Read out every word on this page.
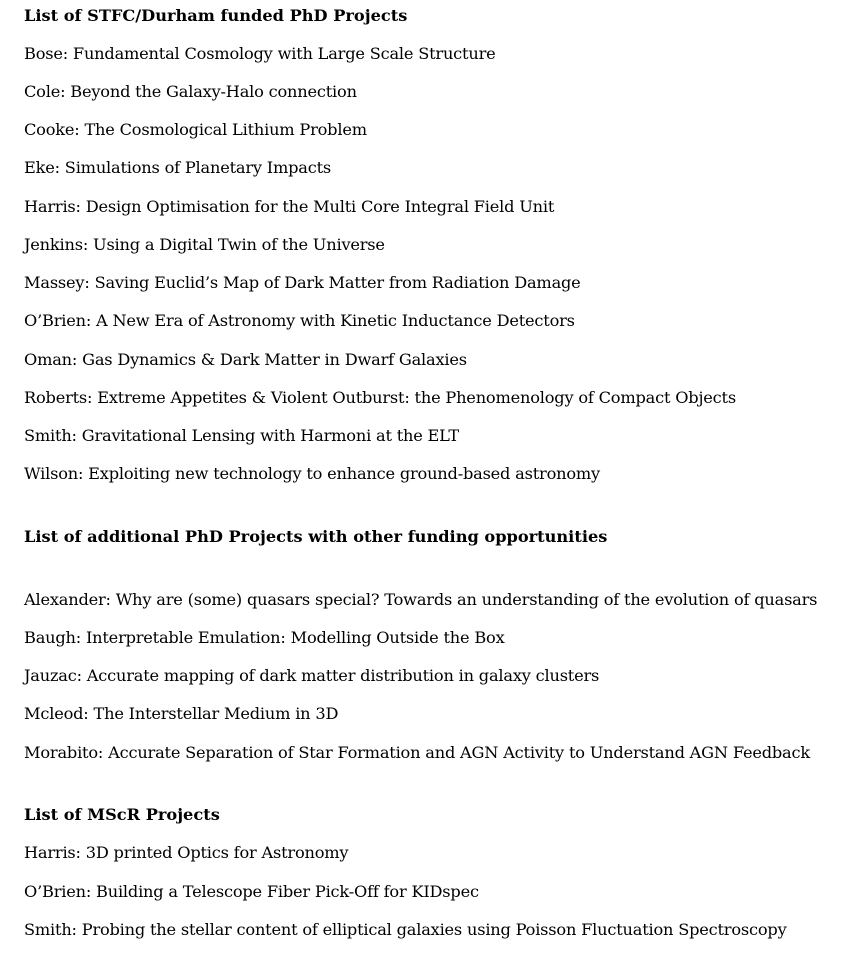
List of STFC/Durham funded PhD Projects
Bose: Fundamental Cosmology with Large Scale Structure
Cole: Beyond the Galaxy-Halo connection
Cooke: The Cosmological Lithium Problem
Eke: Simulations of Planetary Impacts
Harris: Design Optimisation for the Multi Core Integral Field Unit
Jenkins: Using a Digital Twin of the Universe
Massey: Saving Euclid’s Map of Dark Matter from Radiation Damage
O’Brien: A New Era of Astronomy with Kinetic Inductance Detectors
Oman: Gas Dynamics & Dark Matter in Dwarf Galaxies
Roberts: Extreme Appetites & Violent Outburst: the Phenomenology of Compact Objects
Smith: Gravitational Lensing with Harmoni at the ELT
Wilson: Exploiting new technology to enhance ground-based astronomy
List of additional PhD Projects with other funding opportunities
Alexander: Why are (some) quasars special? Towards an understanding of the evolution of quasars
Baugh: Interpretable Emulation: Modelling Outside the Box
Jauzac: Accurate mapping of dark matter distribution in galaxy clusters
Mcleod: The Interstellar Medium in 3D
Morabito: Accurate Separation of Star Formation and AGN Activity to Understand AGN Feedback
List of MScR Projects
Harris: 3D printed Optics for Astronomy
O’Brien: Building a Telescope Fiber Pick-Off for KIDspec
Smith: Probing the stellar content of elliptical galaxies using Poisson Fluctuation Spectroscopy
